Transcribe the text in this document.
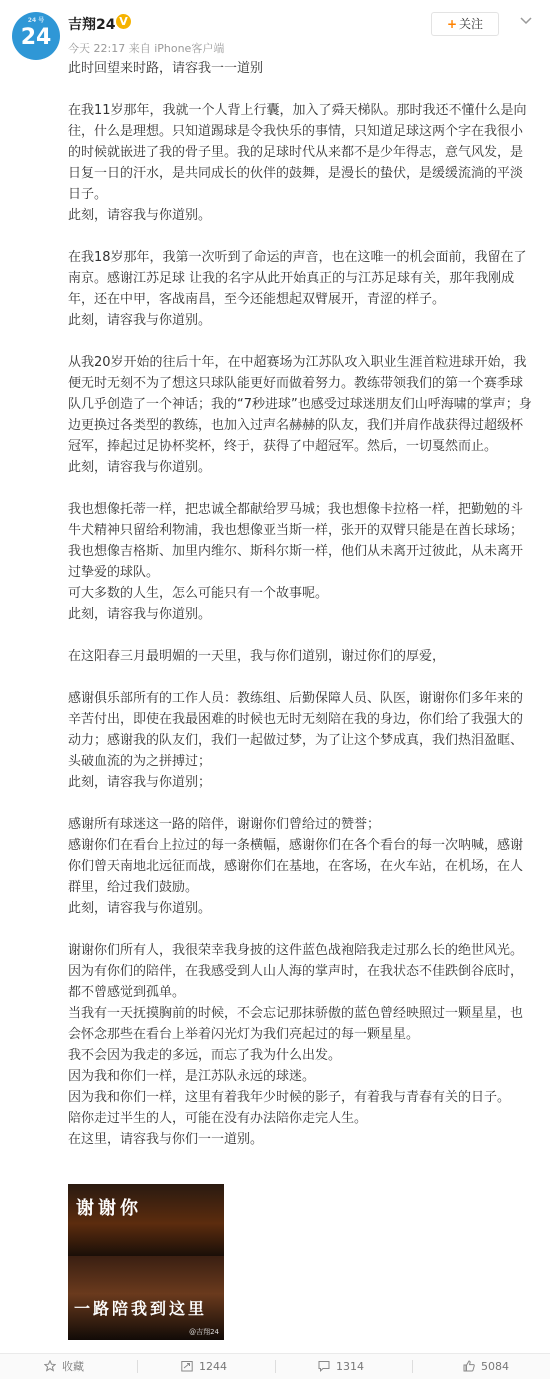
24 号
24	吉翔24 V
今天 22:17 来自 iPhone客户端
+ 关注

此时回望来时路，请容我一一道别

在我11岁那年，我就一个人背上行囊，加入了舜天梯队。那时我还不懂什么是向往，什么是理想。只知道踢球是令我快乐的事情，只知道足球这两个字在我很小的时候就嵌进了我的骨子里。我的足球时代从来都不是少年得志，意气风发，是日复一日的汗水，是共同成长的伙伴的鼓舞，是漫长的蛰伏，是缓缓流淌的平淡日子。

此刻，请容我与你道别。

在我18岁那年，我第一次听到了命运的声音，也在这唯一的机会面前，我留在了南京。感谢江苏足球 让我的名字从此开始真正的与江苏足球有关，那年我刚成年，还在中甲，客战南昌，至今还能想起双臂展开，青涩的样子。

此刻，请容我与你道别。

从我20岁开始的往后十年，在中超赛场为江苏队攻入职业生涯首粒进球开始，我便无时无刻不为了想这只球队能更好而做着努力。教练带领我们的第一个赛季球队几乎创造了一个神话；我的“7秒进球”也感受过球迷朋友们山呼海啸的掌声；身边更换过各类型的教练，也加入过声名赫赫的队友，我们并肩作战获得过超级杯冠军，捧起过足协杯奖杯，终于，获得了中超冠军。然后，一切戛然而止。

此刻，请容我与你道别。

我也想像托蒂一样，把忠诚全都献给罗马城；我也想像卡拉格一样，把勤勉的斗牛犬精神只留给利物浦，我也想像亚当斯一样，张开的双臂只能是在酋长球场；我也想像吉格斯、加里内维尔、斯科尔斯一样，他们从未离开过彼此，从未离开过挚爱的球队。

可大多数的人生，怎么可能只有一个故事呢。

此刻，请容我与你道别。

在这阳春三月最明媚的一天里，我与你们道别，谢过你们的厚爱，

感谢俱乐部所有的工作人员：教练组、后勤保障人员、队医，谢谢你们多年来的辛苦付出，即使在我最困难的时候也无时无刻陪在我的身边，你们给了我强大的动力；感谢我的队友们，我们一起做过梦，为了让这个梦成真，我们热泪盈眶、头破血流的为之拼搏过；

此刻，请容我与你道别；

感谢所有球迷这一路的陪伴，谢谢你们曾给过的赞誉；

感谢你们在看台上拉过的每一条横幅，感谢你们在各个看台的每一次呐喊，感谢你们曾天南地北远征而战，感谢你们在基地，在客场，在火车站，在机场，在人群里，给过我们鼓励。

此刻，请容我与你道别。

谢谢你们所有人，我很荣幸我身披的这件蓝色战袍陪我走过那么长的绝世风光。因为有你们的陪伴，在我感受到人山人海的掌声时，在我状态不佳跌倒谷底时，都不曾感觉到孤单。

当我有一天抚摸胸前的时候，不会忘记那抹骄傲的蓝色曾经映照过一颗星星，也会怀念那些在看台上举着闪光灯为我们亮起过的每一颗星星。

我不会因为我走的多远，而忘了我为什么出发。

因为我和你们一样，是江苏队永远的球迷。

因为我和你们一样，这里有着我年少时候的影子，有着我与青春有关的日子。

陪你走过半生的人，可能在没有办法陪你走完人生。

在这里，请容我与你们一一道别。

谢谢你
一路陪我到这里
@吉翔24
收藏	1244	1314	5084
